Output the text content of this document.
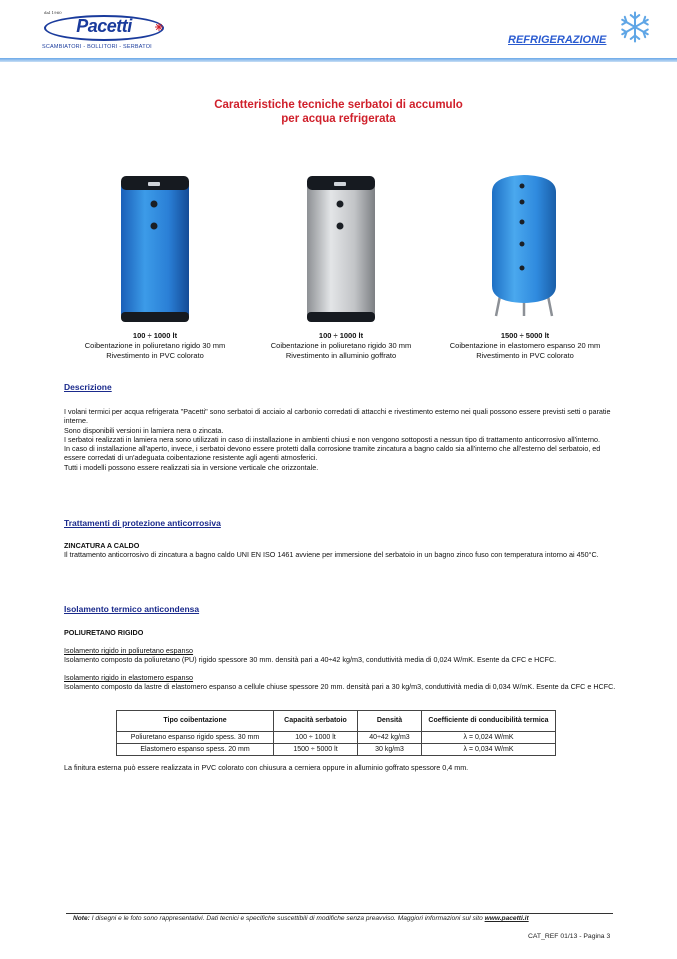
dal 1960
Pacetti
SCAMBIATORI - BOLLITORI - SERBATOI
REFRIGERAZIONE
Caratteristiche tecniche serbatoi di accumulo
per acqua refrigerata
100 ÷ 1000 lt
Coibentazione in poliuretano rigido 30 mm
Rivestimento in PVC colorato
100 ÷ 1000 lt
Coibentazione in poliuretano rigido 30 mm
Rivestimento in alluminio goffrato
1500 ÷ 5000 lt
Coibentazione in elastomero espanso 20 mm
Rivestimento in PVC colorato
Descrizione
I volani termici per acqua refrigerata "Pacetti" sono serbatoi di acciaio al carbonio corredati di attacchi e rivestimento esterno nei quali possono essere previsti setti o paratie interne.
Sono disponibili versioni in lamiera nera o zincata.
I serbatoi realizzati in lamiera nera sono utilizzati in caso di installazione in ambienti chiusi e non vengono sottoposti a nessun tipo di trattamento anticorrosivo all'interno.
In caso di installazione all'aperto, invece, i serbatoi devono essere protetti dalla corrosione tramite zincatura a bagno caldo sia all'interno che all'esterno del serbatoio, ed essere corredati di un'adeguata coibentazione resistente agli agenti atmosferici.
Tutti i modelli possono essere realizzati sia in versione verticale che orizzontale.
Trattamenti di protezione anticorrosiva
ZINCATURA A CALDO
Il trattamento anticorrosivo di zincatura a bagno caldo UNI EN ISO 1461 avviene per immersione del serbatoio in un bagno zinco fuso con temperatura intorno ai 450°C.
Isolamento termico anticondensa
POLIURETANO RIGIDO
Isolamento rigido in poliuretano espanso
Isolamento composto da poliuretano (PU) rigido spessore 30 mm. densità pari a 40÷42 kg/m3, conduttività media di 0,024 W/mK. Esente da CFC e HCFC.
Isolamento rigido in elastomero espanso
Isolamento composto da lastre di elastomero espanso a cellule chiuse spessore 20 mm. densità pari a 30 kg/m3, conduttività media di 0,034 W/mK. Esente da CFC e HCFC.
Tipo coibentazione	Capacità serbatoio	Densità	Coefficiente di conducibilità termica
Poliuretano espanso rigido spess. 30 mm	100 ÷ 1000 lt	40÷42 kg/m3	λ = 0,024 W/mK
Elastomero espanso spess. 20 mm	1500 ÷ 5000 lt	30 kg/m3	λ = 0,034 W/mK
La finitura esterna può essere realizzata in PVC colorato con chiusura a cerniera oppure in alluminio goffrato spessore 0,4 mm.
Note: I disegni e le foto sono rappresentativi. Dati tecnici e specifiche suscettibili di modifiche senza preavviso. Maggiori informazioni sul sito www.pacetti.it
CAT_REF 01/13 - Pagina 3
